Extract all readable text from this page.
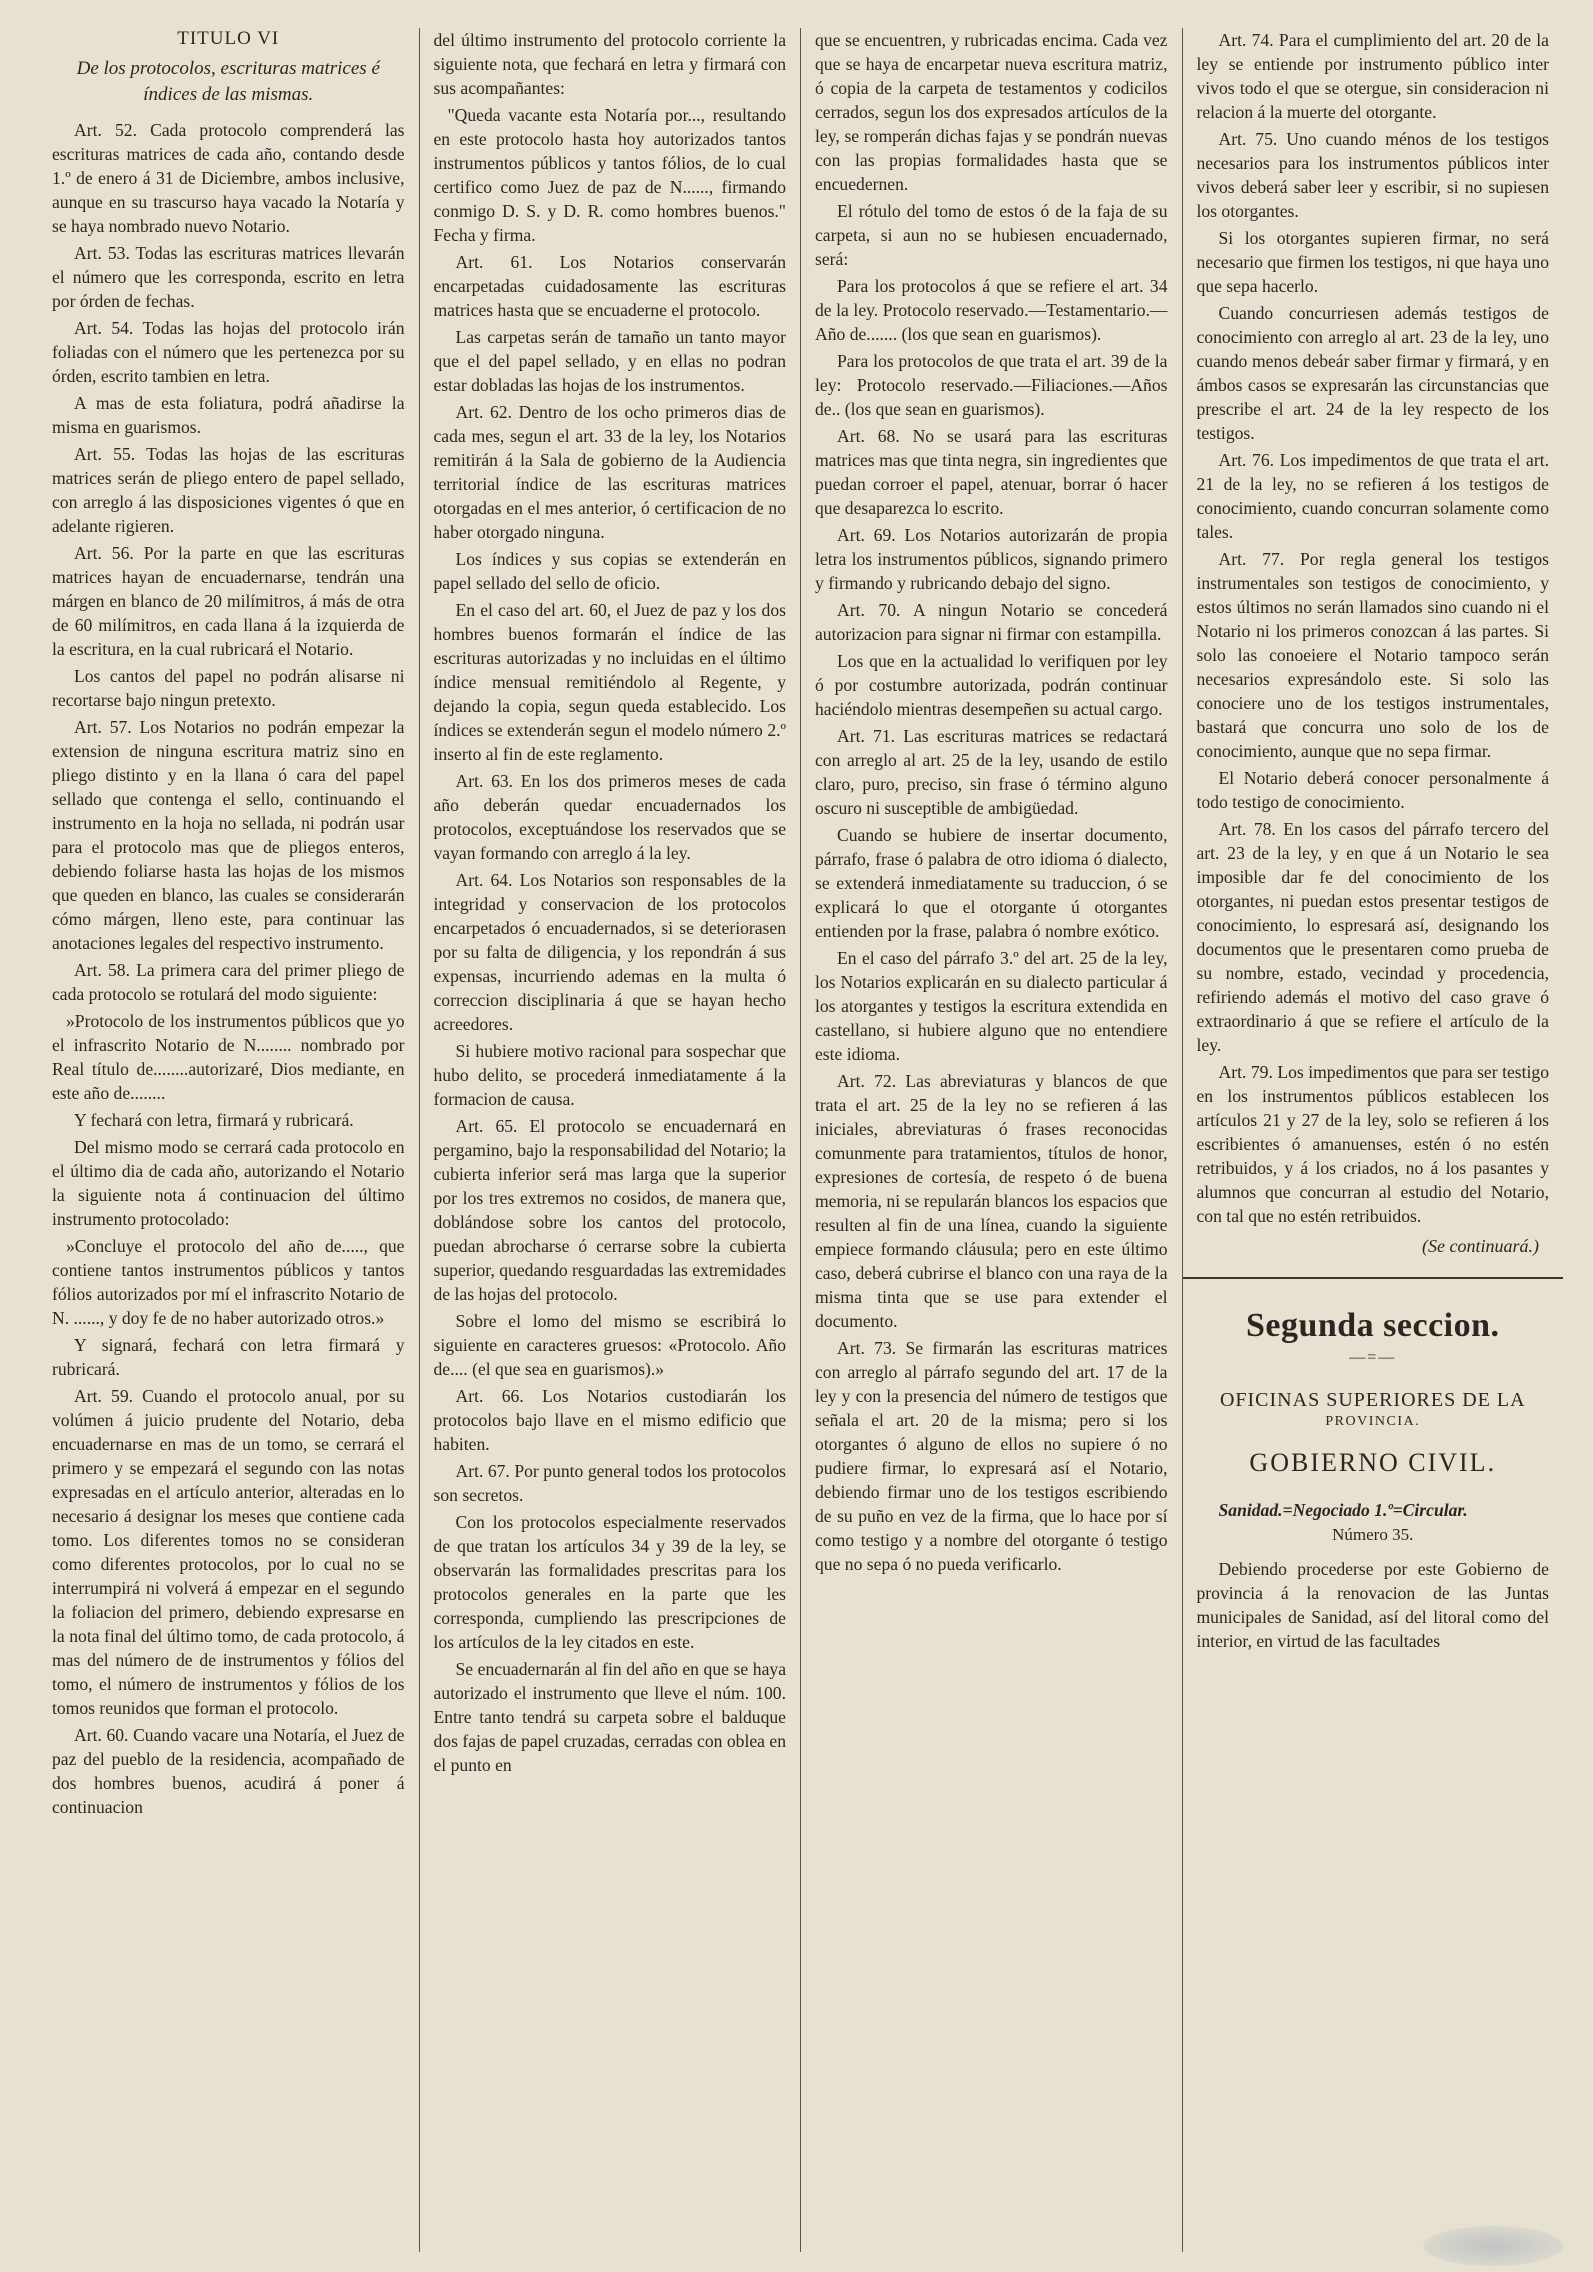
TITULO VI
De los protocolos, escrituras matrices é índices de las mismas.

Art. 52. Cada protocolo comprenderá las escrituras matrices de cada año, contando desde 1.º de enero á 31 de Diciembre, ambos inclusive, aunque en su trascurso haya vacado la Notaría y se haya nombrado nuevo Notario.

Art. 53. Todas las escrituras matrices llevarán el número que les corresponda, escrito en letra por órden de fechas.

Art. 54. Todas las hojas del protocolo irán foliadas con el número que les pertenezca por su órden, escrito tambien en letra.

A mas de esta foliatura, podrá añadirse la misma en guarismos.

Art. 55. Todas las hojas de las escrituras matrices serán de pliego entero de papel sellado, con arreglo á las disposiciones vigentes ó que en adelante rigieren.

Art. 56. Por la parte en que las escrituras matrices hayan de encuadernarse, tendrán una márgen en blanco de 20 milímitros, á más de otra de 60 milímitros, en cada llana á la izquierda de la escritura, en la cual rubricará el Notario.

Los cantos del papel no podrán alisarse ni recortarse bajo ningun pretexto.

Art. 57. Los Notarios no podrán empezar la extension de ninguna escritura matriz sino en pliego distinto y en la llana ó cara del papel sellado que contenga el sello, continuando el instrumento en la hoja no sellada, ni podrán usar para el protocolo mas que de pliegos enteros, debiendo foliarse hasta las hojas de los mismos que queden en blanco, las cuales se considerarán cómo márgen, lleno este, para continuar las anotaciones legales del respectivo instrumento.

Art. 58. La primera cara del primer pliego de cada protocolo se rotulará del modo siguiente:

»Protocolo de los instrumentos públicos que yo el infrascrito Notario de N........ nombrado por Real título de........autorizaré, Dios mediante, en este año de........

Y fechará con letra, firmará y rubricará.

Del mismo modo se cerrará cada protocolo en el último dia de cada año, autorizando el Notario la siguiente nota á continuacion del último instrumento protocolado:

»Concluye el protocolo del año de....., que contiene tantos instrumentos públicos y tantos fólios autorizados por mí el infrascrito Notario de N. ......, y doy fe de no haber autorizado otros.»

Y signará, fechará con letra firmará y rubricará.

Art. 59. Cuando el protocolo anual, por su volúmen á juicio prudente del Notario, deba encuadernarse en mas de un tomo, se cerrará el primero y se empezará el segundo con las notas expresadas en el artículo anterior, alteradas en lo necesario á designar los meses que contiene cada tomo. Los diferentes tomos no se consideran como diferentes protocolos, por lo cual no se interrumpirá ni volverá á empezar en el segundo la foliacion del primero, debiendo expresarse en la nota final del último tomo, de cada protocolo, á mas del número de de instrumentos y fólios del tomo, el número de instrumentos y fólios de los tomos reunidos que forman el protocolo.

Art. 60. Cuando vacare una Notaría, el Juez de paz del pueblo de la residencia, acompañado de dos hombres buenos, acudirá á poner á continuacion

del último instrumento del protocolo corriente la siguiente nota, que fechará en letra y firmará con sus acompañantes:

"Queda vacante esta Notaría por..., resultando en este protocolo hasta hoy autorizados tantos instrumentos públicos y tantos fólios, de lo cual certifico como Juez de paz de N......, firmando conmigo D. S. y D. R. como hombres buenos." Fecha y firma.

Art. 61. Los Notarios conservarán encarpetadas cuidadosamente las escrituras matrices hasta que se encuaderne el protocolo.

Las carpetas serán de tamaño un tanto mayor que el del papel sellado, y en ellas no podran estar dobladas las hojas de los instrumentos.

Art. 62. Dentro de los ocho primeros dias de cada mes, segun el art. 33 de la ley, los Notarios remitirán á la Sala de gobierno de la Audiencia territorial índice de las escrituras matrices otorgadas en el mes anterior, ó certificacion de no haber otorgado ninguna.

Los índices y sus copias se extenderán en papel sellado del sello de oficio.

En el caso del art. 60, el Juez de paz y los dos hombres buenos formarán el índice de las escrituras autorizadas y no incluidas en el último índice mensual remitiéndolo al Regente, y dejando la copia, segun queda establecido. Los índices se extenderán segun el modelo número 2.º inserto al fin de este reglamento.

Art. 63. En los dos primeros meses de cada año deberán quedar encuadernados los protocolos, exceptuándose los reservados que se vayan formando con arreglo á la ley.

Art. 64. Los Notarios son responsables de la integridad y conservacion de los protocolos encarpetados ó encuadernados, si se deteriorasen por su falta de diligencia, y los repondrán á sus expensas, incurriendo ademas en la multa ó correccion disciplinaria á que se hayan hecho acreedores.

Si hubiere motivo racional para sospechar que hubo delito, se procederá inmediatamente á la formacion de causa.

Art. 65. El protocolo se encuadernará en pergamino, bajo la responsabilidad del Notario; la cubierta inferior será mas larga que la superior por los tres extremos no cosidos, de manera que, doblándose sobre los cantos del protocolo, puedan abrocharse ó cerrarse sobre la cubierta superior, quedando resguardadas las extremidades de las hojas del protocolo.

Sobre el lomo del mismo se escribirá lo siguiente en caracteres gruesos: «Protocolo. Año de.... (el que sea en guarismos).»

Art. 66. Los Notarios custodiarán los protocolos bajo llave en el mismo edificio que habiten.

Art. 67. Por punto general todos los protocolos son secretos.

Con los protocolos especialmente reservados de que tratan los artículos 34 y 39 de la ley, se observarán las formalidades prescritas para los protocolos generales en la parte que les corresponda, cumpliendo las prescripciones de los artículos de la ley citados en este.

Se encuadernarán al fin del año en que se haya autorizado el instrumento que lleve el núm. 100. Entre tanto tendrá su carpeta sobre el balduque dos fajas de papel cruzadas, cerradas con oblea en el punto en

que se encuentren, y rubricadas encima. Cada vez que se haya de encarpetar nueva escritura matriz, ó copia de la carpeta de testamentos y codicilos cerrados, segun los dos expresados artículos de la ley, se romperán dichas fajas y se pondrán nuevas con las propias formalidades hasta que se encuedernen.

El rótulo del tomo de estos ó de la faja de su carpeta, si aun no se hubiesen encuadernado, será:

Para los protocolos á que se refiere el art. 34 de la ley. Protocolo reservado.—Testamentario.—Año de....... (los que sean en guarismos).

Para los protocolos de que trata el art. 39 de la ley: Protocolo reservado.—Filiaciones.—Años de.. (los que sean en guarismos).

Art. 68. No se usará para las escrituras matrices mas que tinta negra, sin ingredientes que puedan corroer el papel, atenuar, borrar ó hacer que desaparezca lo escrito.

Art. 69. Los Notarios autorizarán de propia letra los instrumentos públicos, signando primero y firmando y rubricando debajo del signo.

Art. 70. A ningun Notario se concederá autorizacion para signar ni firmar con estampilla.

Los que en la actualidad lo verifiquen por ley ó por costumbre autorizada, podrán continuar haciéndolo mientras desempeñen su actual cargo.

Art. 71. Las escrituras matrices se redactará con arreglo al art. 25 de la ley, usando de estilo claro, puro, preciso, sin frase ó término alguno oscuro ni susceptible de ambigüedad.

Cuando se hubiere de insertar documento, párrafo, frase ó palabra de otro idioma ó dialecto, se extenderá inmediatamente su traduccion, ó se explicará lo que el otorgante ú otorgantes entienden por la frase, palabra ó nombre exótico.

En el caso del párrafo 3.º del art. 25 de la ley, los Notarios explicarán en su dialecto particular á los atorgantes y testigos la escritura extendida en castellano, si hubiere alguno que no entendiere este idioma.

Art. 72. Las abreviaturas y blancos de que trata el art. 25 de la ley no se refieren á las iniciales, abreviaturas ó frases reconocidas comunmente para tratamientos, títulos de honor, expresiones de cortesía, de respeto ó de buena memoria, ni se repularán blancos los espacios que resulten al fin de una línea, cuando la siguiente empiece formando cláusula; pero en este último caso, deberá cubrirse el blanco con una raya de la misma tinta que se use para extender el documento.

Art. 73. Se firmarán las escrituras matrices con arreglo al párrafo segundo del art. 17 de la ley y con la presencia del número de testigos que señala el art. 20 de la misma; pero si los otorgantes ó alguno de ellos no supiere ó no pudiere firmar, lo expresará así el Notario, debiendo firmar uno de los testigos escribiendo de su puño en vez de la firma, que lo hace por sí como testigo y a nombre del otorgante ó testigo que no sepa ó no pueda verificarlo.

Art. 74. Para el cumplimiento del art. 20 de la ley se entiende por instrumento público inter vivos todo el que se otergue, sin consideracion ni relacion á la muerte del otorgante.

Art. 75. Uno cuando ménos de los testigos necesarios para los instrumentos públicos inter vivos deberá saber leer y escribir, si no supiesen los otorgantes.

Si los otorgantes supieren firmar, no será necesario que firmen los testigos, ni que haya uno que sepa hacerlo.

Cuando concurriesen además testigos de conocimiento con arreglo al art. 23 de la ley, uno cuando menos debeár saber firmar y firmará, y en ámbos casos se expresarán las circunstancias que prescribe el art. 24 de la ley respecto de los testigos.

Art. 76. Los impedimentos de que trata el art. 21 de la ley, no se refieren á los testigos de conocimiento, cuando concurran solamente como tales.

Art. 77. Por regla general los testigos instrumentales son testigos de conocimiento, y estos últimos no serán llamados sino cuando ni el Notario ni los primeros conozcan á las partes. Si solo las conoeiere el Notario tampoco serán necesarios expresándolo este. Si solo las conociere uno de los testigos instrumentales, bastará que concurra uno solo de los de conocimiento, aunque que no sepa firmar.

El Notario deberá conocer personalmente á todo testigo de conocimiento.

Art. 78. En los casos del párrafo tercero del art. 23 de la ley, y en que á un Notario le sea imposible dar fe del conocimiento de los otorgantes, ni puedan estos presentar testigos de conocimiento, lo espresará así, designando los documentos que le presentaren como prueba de su nombre, estado, vecindad y procedencia, refiriendo además el motivo del caso grave ó extraordinario á que se refiere el artículo de la ley.

Art. 79. Los impedimentos que para ser testigo en los instrumentos públicos establecen los artículos 21 y 27 de la ley, solo se refieren á los escribientes ó amanuenses, estén ó no estén retribuidos, y á los criados, no á los pasantes y alumnos que concurran al estudio del Notario, con tal que no estén retribuidos.

(Se continuará.)
Segunda seccion.
—=—
OFICINAS SUPERIORES DE LA
PROVINCIA.
GOBIERNO CIVIL.

Sanidad.=Negociado 1.º=Circular.

Número 35.

Debiendo procederse por este Gobierno de provincia á la renovacion de las Juntas municipales de Sanidad, así del litoral como del interior, en virtud de las facultades
